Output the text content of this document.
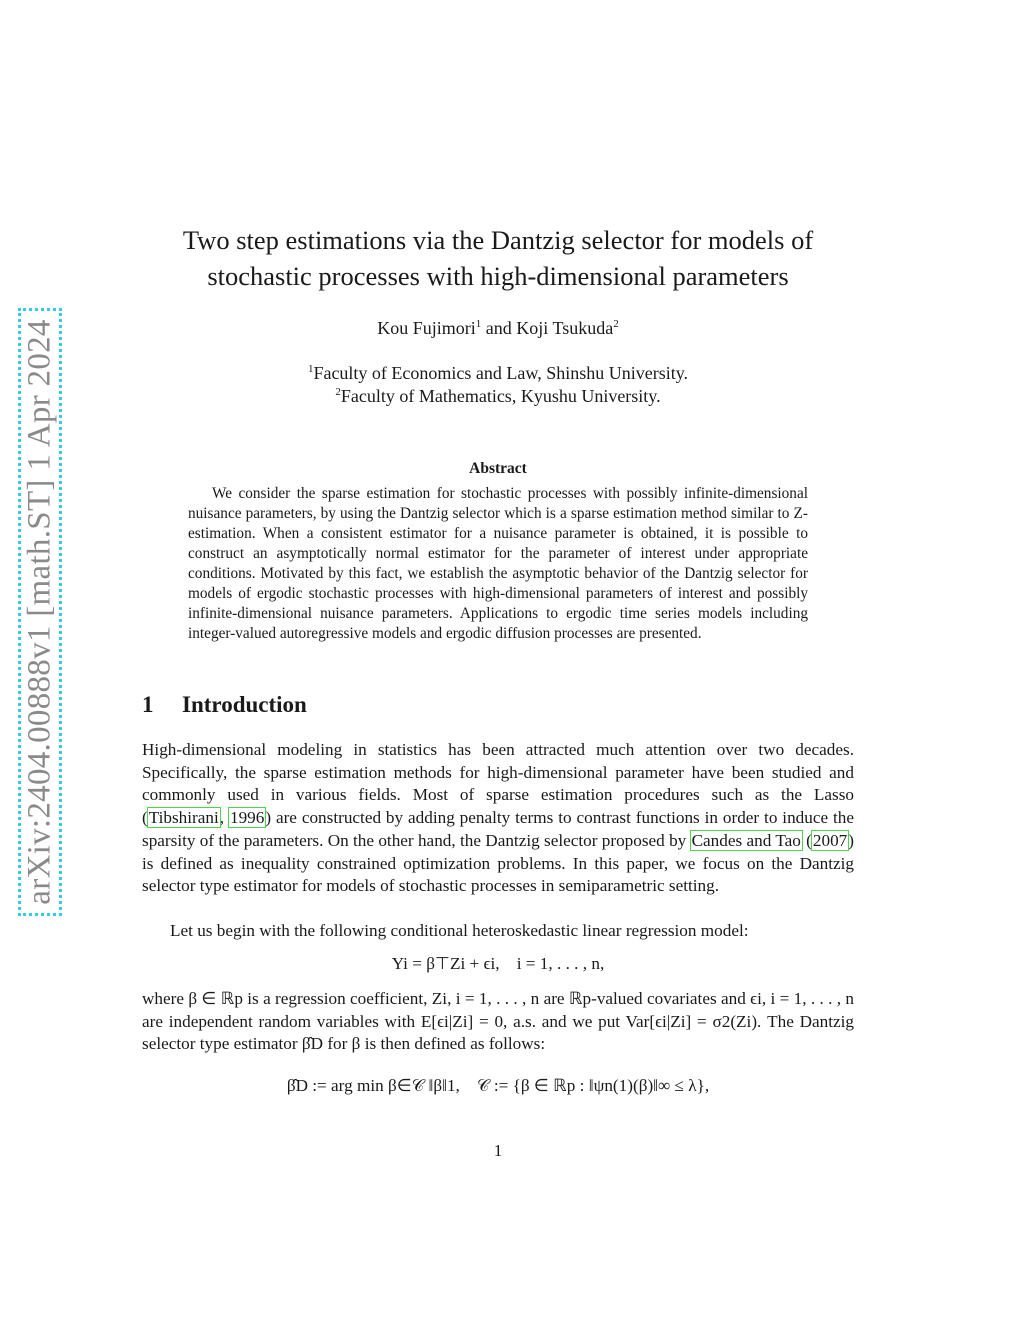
arXiv:2404.00888v1 [math.ST] 1 Apr 2024
Two step estimations via the Dantzig selector for models of
stochastic processes with high-dimensional parameters
Kou Fujimori$^1$ and Koji Tsukuda$^2$
$^1$Faculty of Economics and Law, Shinshu University.
$^2$Faculty of Mathematics, Kyushu University.
Abstract

We consider the sparse estimation for stochastic processes with possibly infinite-dimensional nuisance parameters, by using the Dantzig selector which is a sparse estimation method similar to Z-estimation. When a consistent estimator for a nuisance parameter is obtained, it is possible to construct an asymptotically normal estimator for the parameter of interest under appropriate conditions. Motivated by this fact, we establish the asymptotic behavior of the Dantzig selector for models of ergodic stochastic processes with high-dimensional parameters of interest and possibly infinite-dimensional nuisance parameters. Applications to ergodic time series models including integer-valued autoregressive models and ergodic diffusion processes are presented.

1 Introduction

High-dimensional modeling in statistics has been attracted much attention over two decades. Specifically, the sparse estimation methods for high-dimensional parameter have been studied and commonly used in various fields. Most of sparse estimation procedures such as the Lasso (Tibshirani, 1996) are constructed by adding penalty terms to contrast functions in order to induce the sparsity of the parameters. On the other hand, the Dantzig selector proposed by Candes and Tao (2007) is defined as inequality constrained optimization problems. In this paper, we focus on the Dantzig selector type estimator for models of stochastic processes in semiparametric setting.

Let us begin with the following conditional heteroskedastic linear regression model:

Yi = β⊤Zi + ϵi,    i = 1, . . . , n,

where β ∈ ℝp is a regression coefficient, Zi, i = 1, . . . , n are ℝp-valued covariates and ϵi, i = 1, . . . , n are independent random variables with E[ϵi|Zi] = 0, a.s. and we put Var[ϵi|Zi] = σ2(Zi). The Dantzig selector type estimator β̂D for β is then defined as follows:

β̂D := arg min β∈𝒞 ‖β‖1,    𝒞 := {β ∈ ℝp : ‖ψn(1)(β)‖∞ ≤ λ},
1
